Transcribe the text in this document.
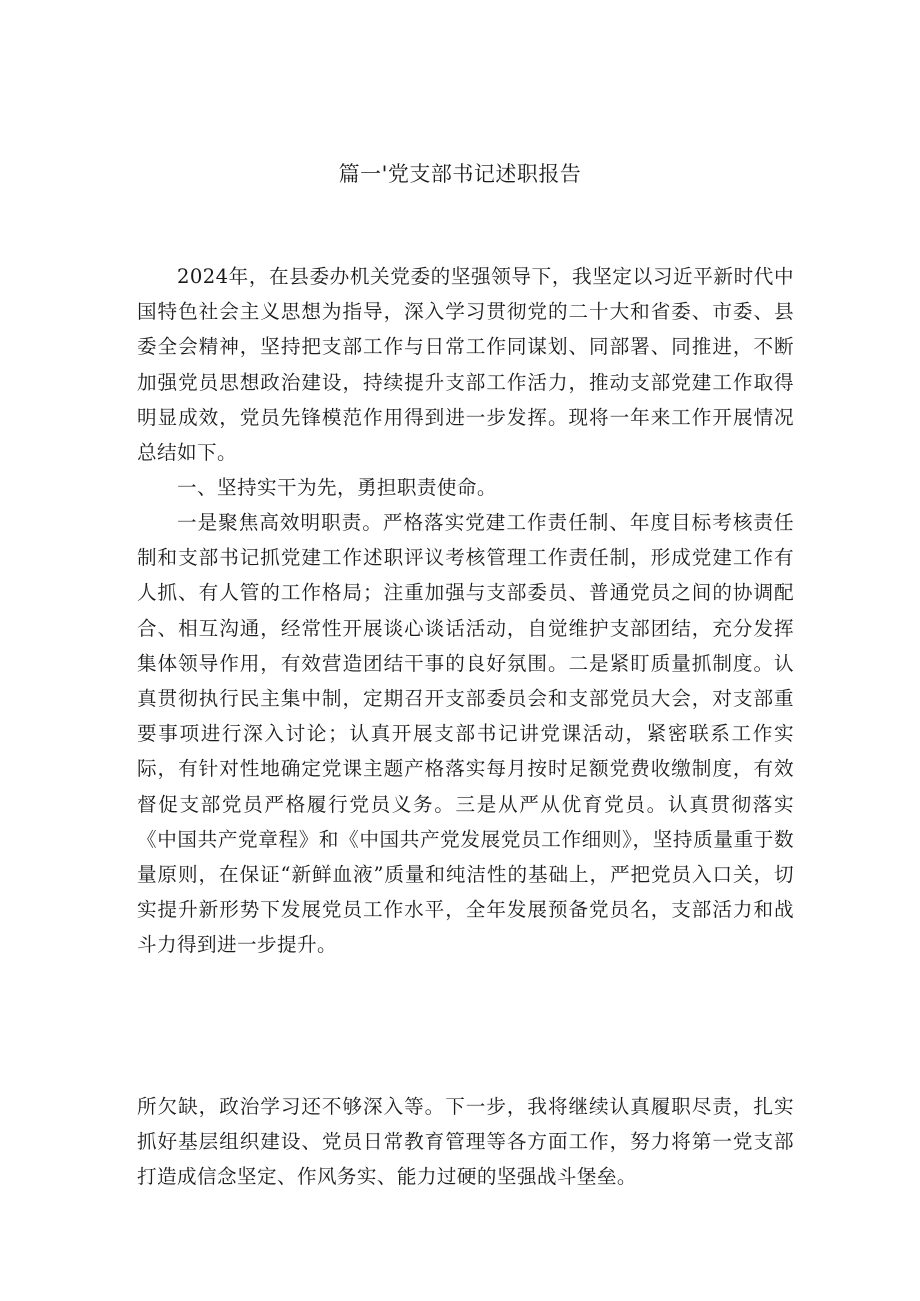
篇一'党支部书记述职报告

2024年，在县委办机关党委的坚强领导下，我坚定以习近平新时代中国特色社会主义思想为指导，深入学习贯彻党的二十大和省委、市委、县委全会精神，坚持把支部工作与日常工作同谋划、同部署、同推进，不断加强党员思想政治建设，持续提升支部工作活力，推动支部党建工作取得明显成效，党员先锋模范作用得到进一步发挥。现将一年来工作开展情况总结如下。

一、坚持实干为先，勇担职责使命。

一是聚焦高效明职责。严格落实党建工作责任制、年度目标考核责任制和支部书记抓党建工作述职评议考核管理工作责任制，形成党建工作有人抓、有人管的工作格局；注重加强与支部委员、普通党员之间的协调配合、相互沟通，经常性开展谈心谈话活动，自觉维护支部团结，充分发挥集体领导作用，有效营造团结干事的良好氛围。二是紧盯质量抓制度。认真贯彻执行民主集中制，定期召开支部委员会和支部党员大会，对支部重要事项进行深入讨论；认真开展支部书记讲党课活动，紧密联系工作实际，有针对性地确定党课主题产格落实每月按时足额党费收缴制度，有效督促支部党员严格履行党员义务。三是从严从优育党员。认真贯彻落实《中国共产党章程》和《中国共产党发展党员工作细则》，坚持质量重于数量原则，在保证“新鲜血液”质量和纯洁性的基础上，严把党员入口关，切实提升新形势下发展党员工作水平，全年发展预备党员名，支部活力和战斗力得到进一步提升。

所欠缺，政治学习还不够深入等。下一步，我将继续认真履职尽责，扎实抓好基层组织建设、党员日常教育管理等各方面工作，努力将第一党支部打造成信念坚定、作风务实、能力过硬的坚强战斗堡垒。
